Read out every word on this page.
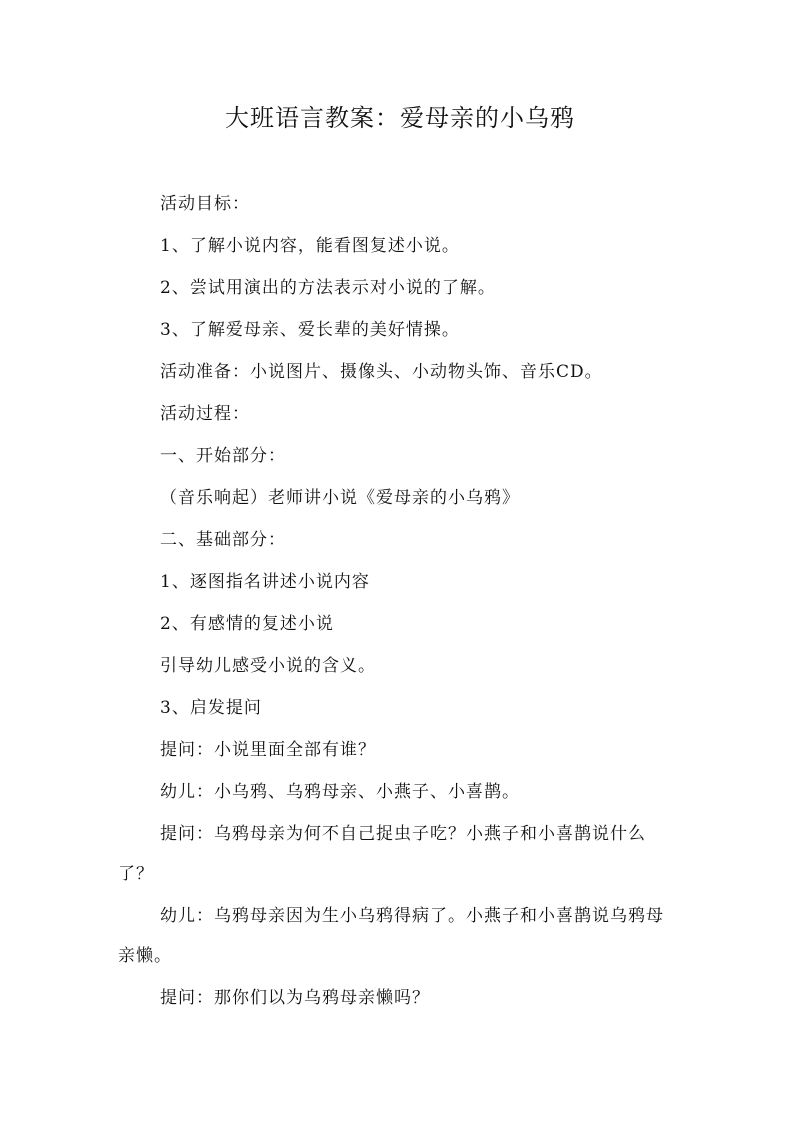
大班语言教案：爱母亲的小乌鸦
活动目标：
1、了解小说内容，能看图复述小说。
2、尝试用演出的方法表示对小说的了解。
3、了解爱母亲、爱长辈的美好情操。
活动准备：小说图片、摄像头、小动物头饰、音乐CD。
活动过程：
一、开始部分：
（音乐响起）老师讲小说《爱母亲的小乌鸦》
二、基础部分：
1、逐图指名讲述小说内容
2、有感情的复述小说
引导幼儿感受小说的含义。
3、启发提问
提问：小说里面全部有谁？
幼儿：小乌鸦、乌鸦母亲、小燕子、小喜鹊。
提问：乌鸦母亲为何不自己捉虫子吃？小燕子和小喜鹊说什么
了？
幼儿：乌鸦母亲因为生小乌鸦得病了。小燕子和小喜鹊说乌鸦母
亲懒。
提问：那你们以为乌鸦母亲懒吗？
